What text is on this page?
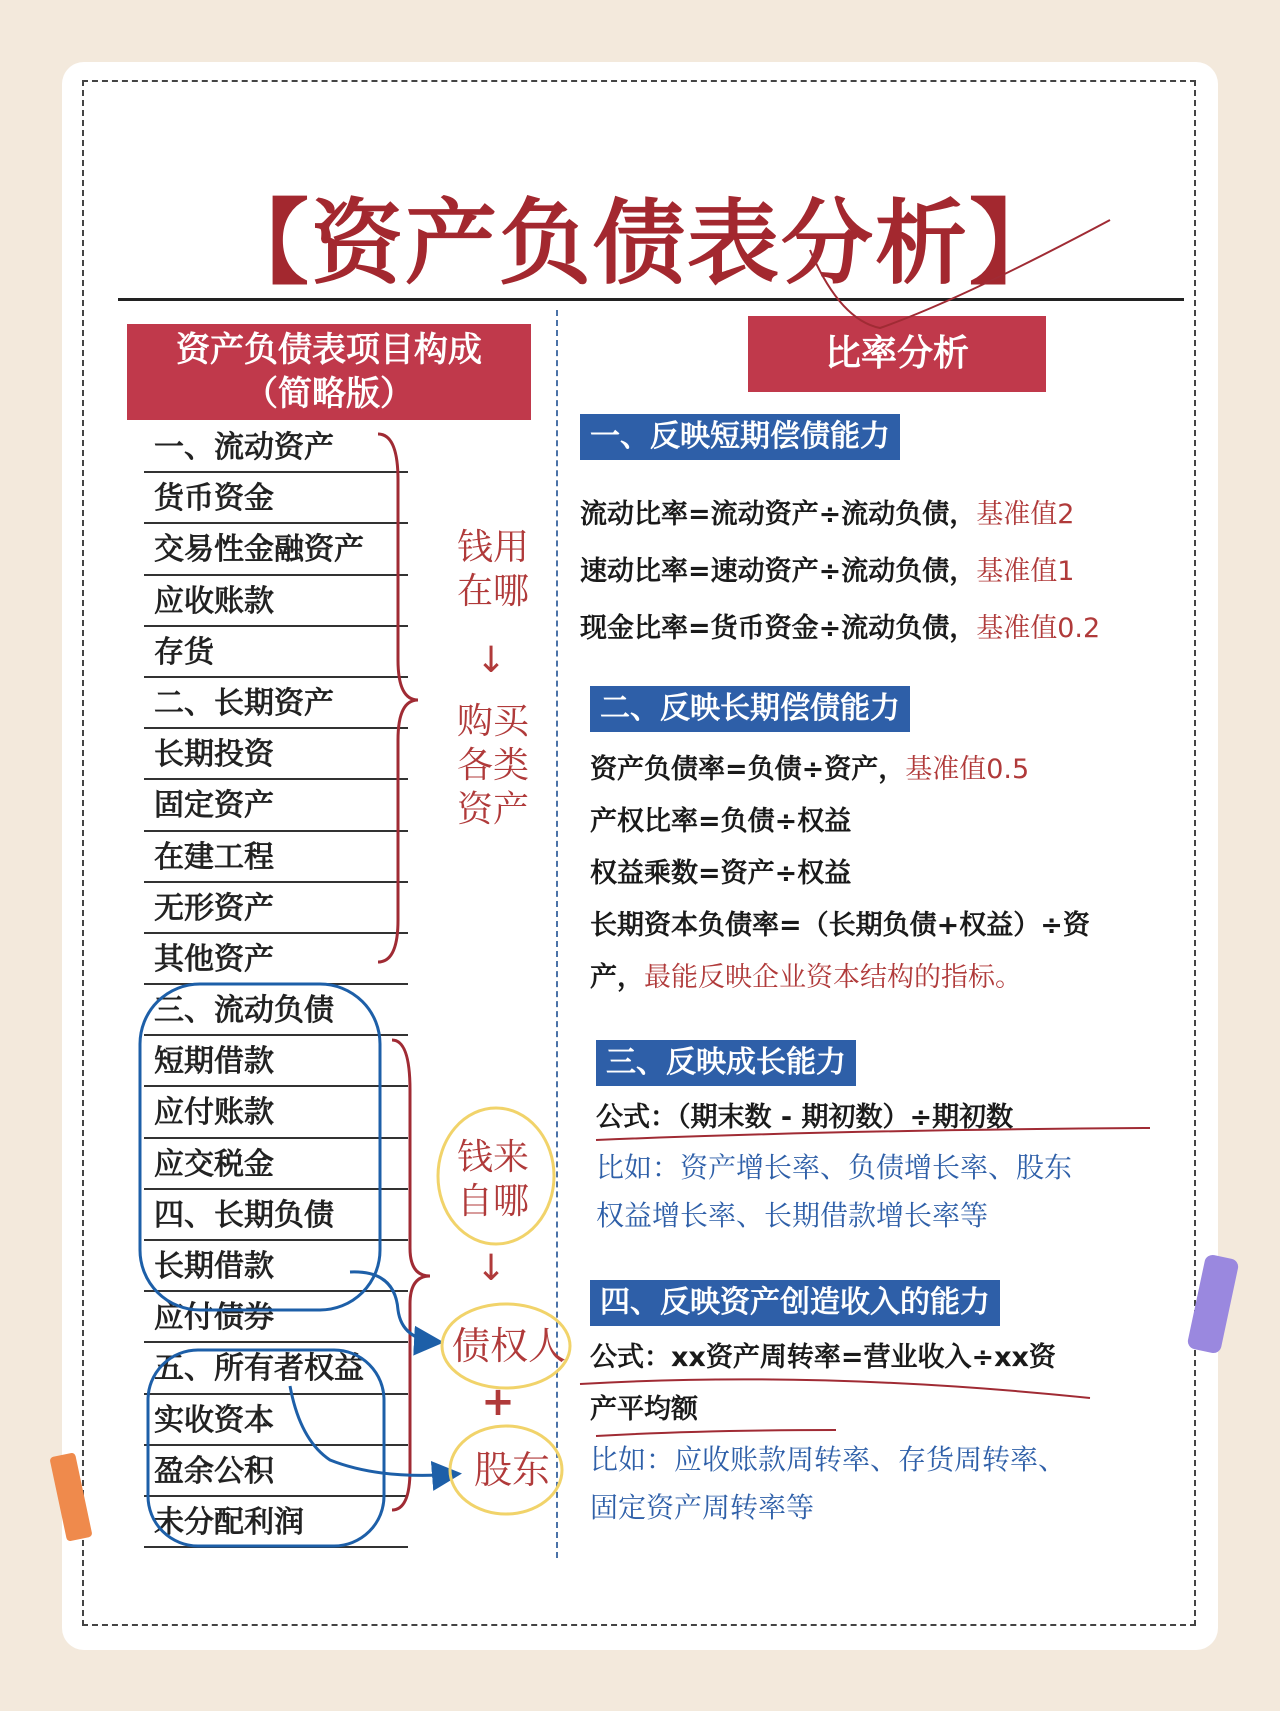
【资产负债表分析】
资产负债表项目构成
（简略版）
一、流动资产
货币资金
交易性金融资产
应收账款
存货
二、长期资产
长期投资
固定资产
在建工程
无形资产
其他资产
三、流动负债
短期借款
应付账款
应交税金
四、长期负债
长期借款
应付债券
五、所有者权益
实收资本
盈余公积
未分配利润
钱用在哪
↓
购买各类资产
钱来自哪
↓
债权人
+
股东
比率分析
一、反映短期偿债能力
流动比率=流动资产÷流动负债，基准值2
速动比率=速动资产÷流动负债，基准值1
现金比率=货币资金÷流动负债，基准值0.2
二、反映长期偿债能力
资产负债率=负债÷资产，基准值0.5
产权比率=负债÷权益
权益乘数=资产÷权益
长期资本负债率=（长期负债+权益）÷资
产，最能反映企业资本结构的指标。
三、反映成长能力
公式：（期末数 - 期初数）÷期初数
比如：资产增长率、负债增长率、股东
权益增长率、长期借款增长率等
四、反映资产创造收入的能力
公式：xx资产周转率=营业收入÷xx资
产平均额
比如：应收账款周转率、存货周转率、
固定资产周转率等
